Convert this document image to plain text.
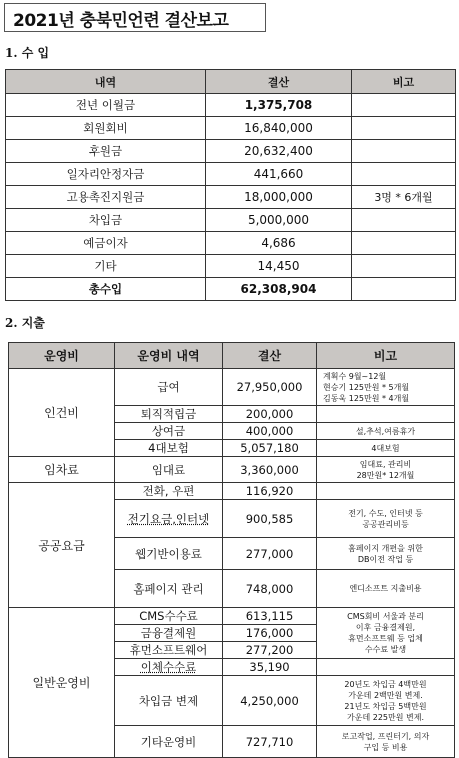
2021년 충북민언련 결산보고
1. 수 입
내역	결산	비고
전년 이월금	1,375,708	
회원회비	16,840,000	
후원금	20,632,400	
일자리안정자금	441,660	
고용촉진지원금	18,000,000	3명 * 6개월
차입금	5,000,000	
예금이자	4,686	
기타	14,450	
총수입	62,308,904	
2. 지출
운영비	운영비 내역	결산	비고
인건비	급여	27,950,000	계획수 9월~12월
현승기 125만원 * 5개월
김동욱 125만원 * 4개월

	퇴직적립금	200,000	
	상여금	400,000	설,추석,여름휴가

	4대보험	5,057,180	4대보험

임차료	임대료	3,360,000	임대료, 관리비
28만원* 12개월

공공요금	전화, 우편	116,920	
	전기요금,인터넷	900,585	전기, 수도, 인터넷 등
공공관리비등

	웹기반이용료	277,000	홈페이지 개편을 위한
DB이전 작업 등

	홈페이지 관리	748,000	엔디소프트 지출비용

일반운영비	CMS수수료	613,115	CMS회비 서울과 분리
이후 금융결제원,
휴먼소프트웨 등 업체
수수료 발생

	금융결제원	176,000	
	휴먼소프트웨어	277,200	
	이체수수료	35,190	
	차입금 변제	4,250,000	20년도 차입금 4백만원
가운데 2백만원 변제.
21년도 차입금 5백만원
가운데 225만원 변제.

	기타운영비	727,710	로고작업, 프린터기, 의자
구입 등 비용
